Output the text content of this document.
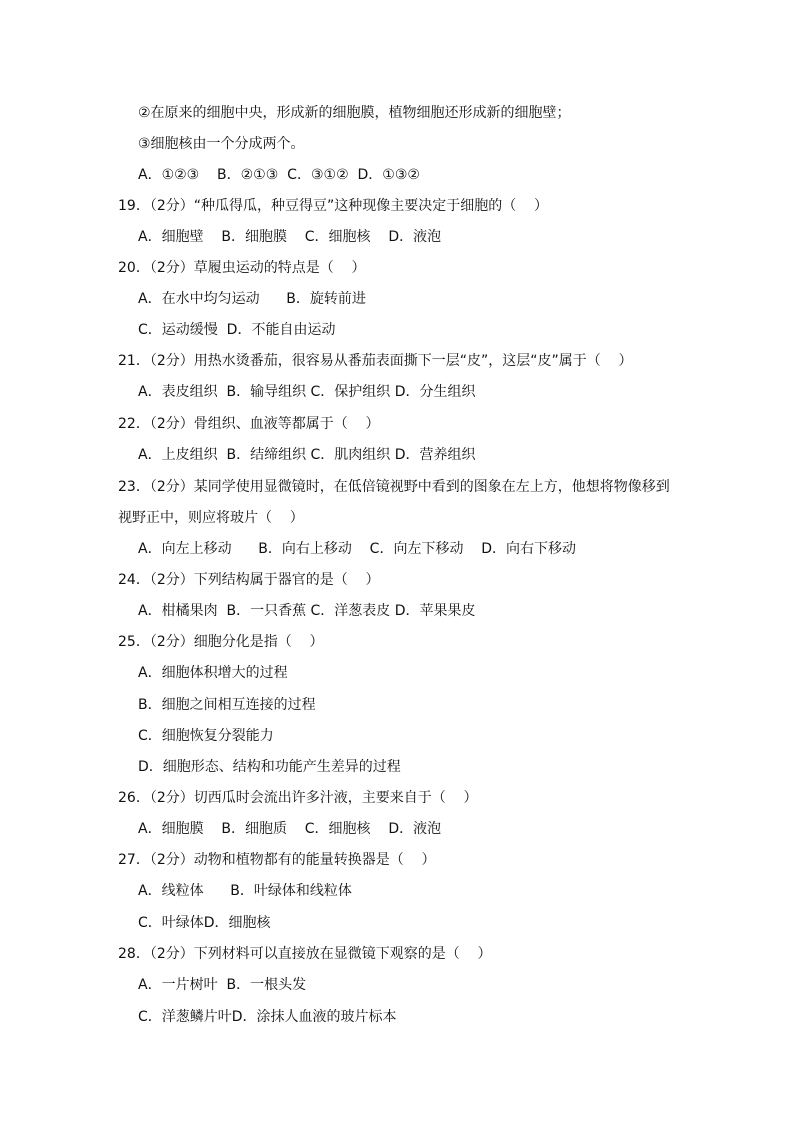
②在原来的细胞中央，形成新的细胞膜，植物细胞还形成新的细胞壁；
③细胞核由一个分成两个。
A．①②③    B．②①③  C．③①②  D．①③②
19．（2分）“种瓜得瓜，种豆得豆”这种现像主要决定于细胞的（    ）
A．细胞壁    B．细胞膜    C．细胞核    D．液泡
20．（2分）草履虫运动的特点是（    ）
A．在水中均匀运动      B．旋转前进
C．运动缓慢  D．不能自由运动
21．（2分）用热水烫番茄，很容易从番茄表面撕下一层“皮”，这层“皮”属于（    ）
A．表皮组织  B．输导组织 C．保护组织 D．分生组织
22．（2分）骨组织、血液等都属于（    ）
A．上皮组织  B．结缔组织 C．肌肉组织 D．营养组织
23．（2分）某同学使用显微镜时，在低倍镜视野中看到的图象在左上方，他想将物像移到
视野正中，则应将玻片（    ）
A．向左上移动      B．向右上移动    C．向左下移动    D．向右下移动
24．（2分）下列结构属于器官的是（    ）
A．柑橘果肉  B．一只香蕉 C．洋葱表皮 D．苹果果皮
25．（2分）细胞分化是指（    ）
A．细胞体积增大的过程
B．细胞之间相互连接的过程
C．细胞恢复分裂能力
D．细胞形态、结构和功能产生差异的过程
26．（2分）切西瓜时会流出许多汁液，主要来自于（    ）
A．细胞膜    B．细胞质    C．细胞核    D．液泡
27．（2分）动物和植物都有的能量转换器是（    ）
A．线粒体      B．叶绿体和线粒体
C．叶绿体D．细胞核
28．（2分）下列材料可以直接放在显微镜下观察的是（    ）
A．一片树叶  B．一根头发
C．洋葱鳞片叶D．涂抹人血液的玻片标本
